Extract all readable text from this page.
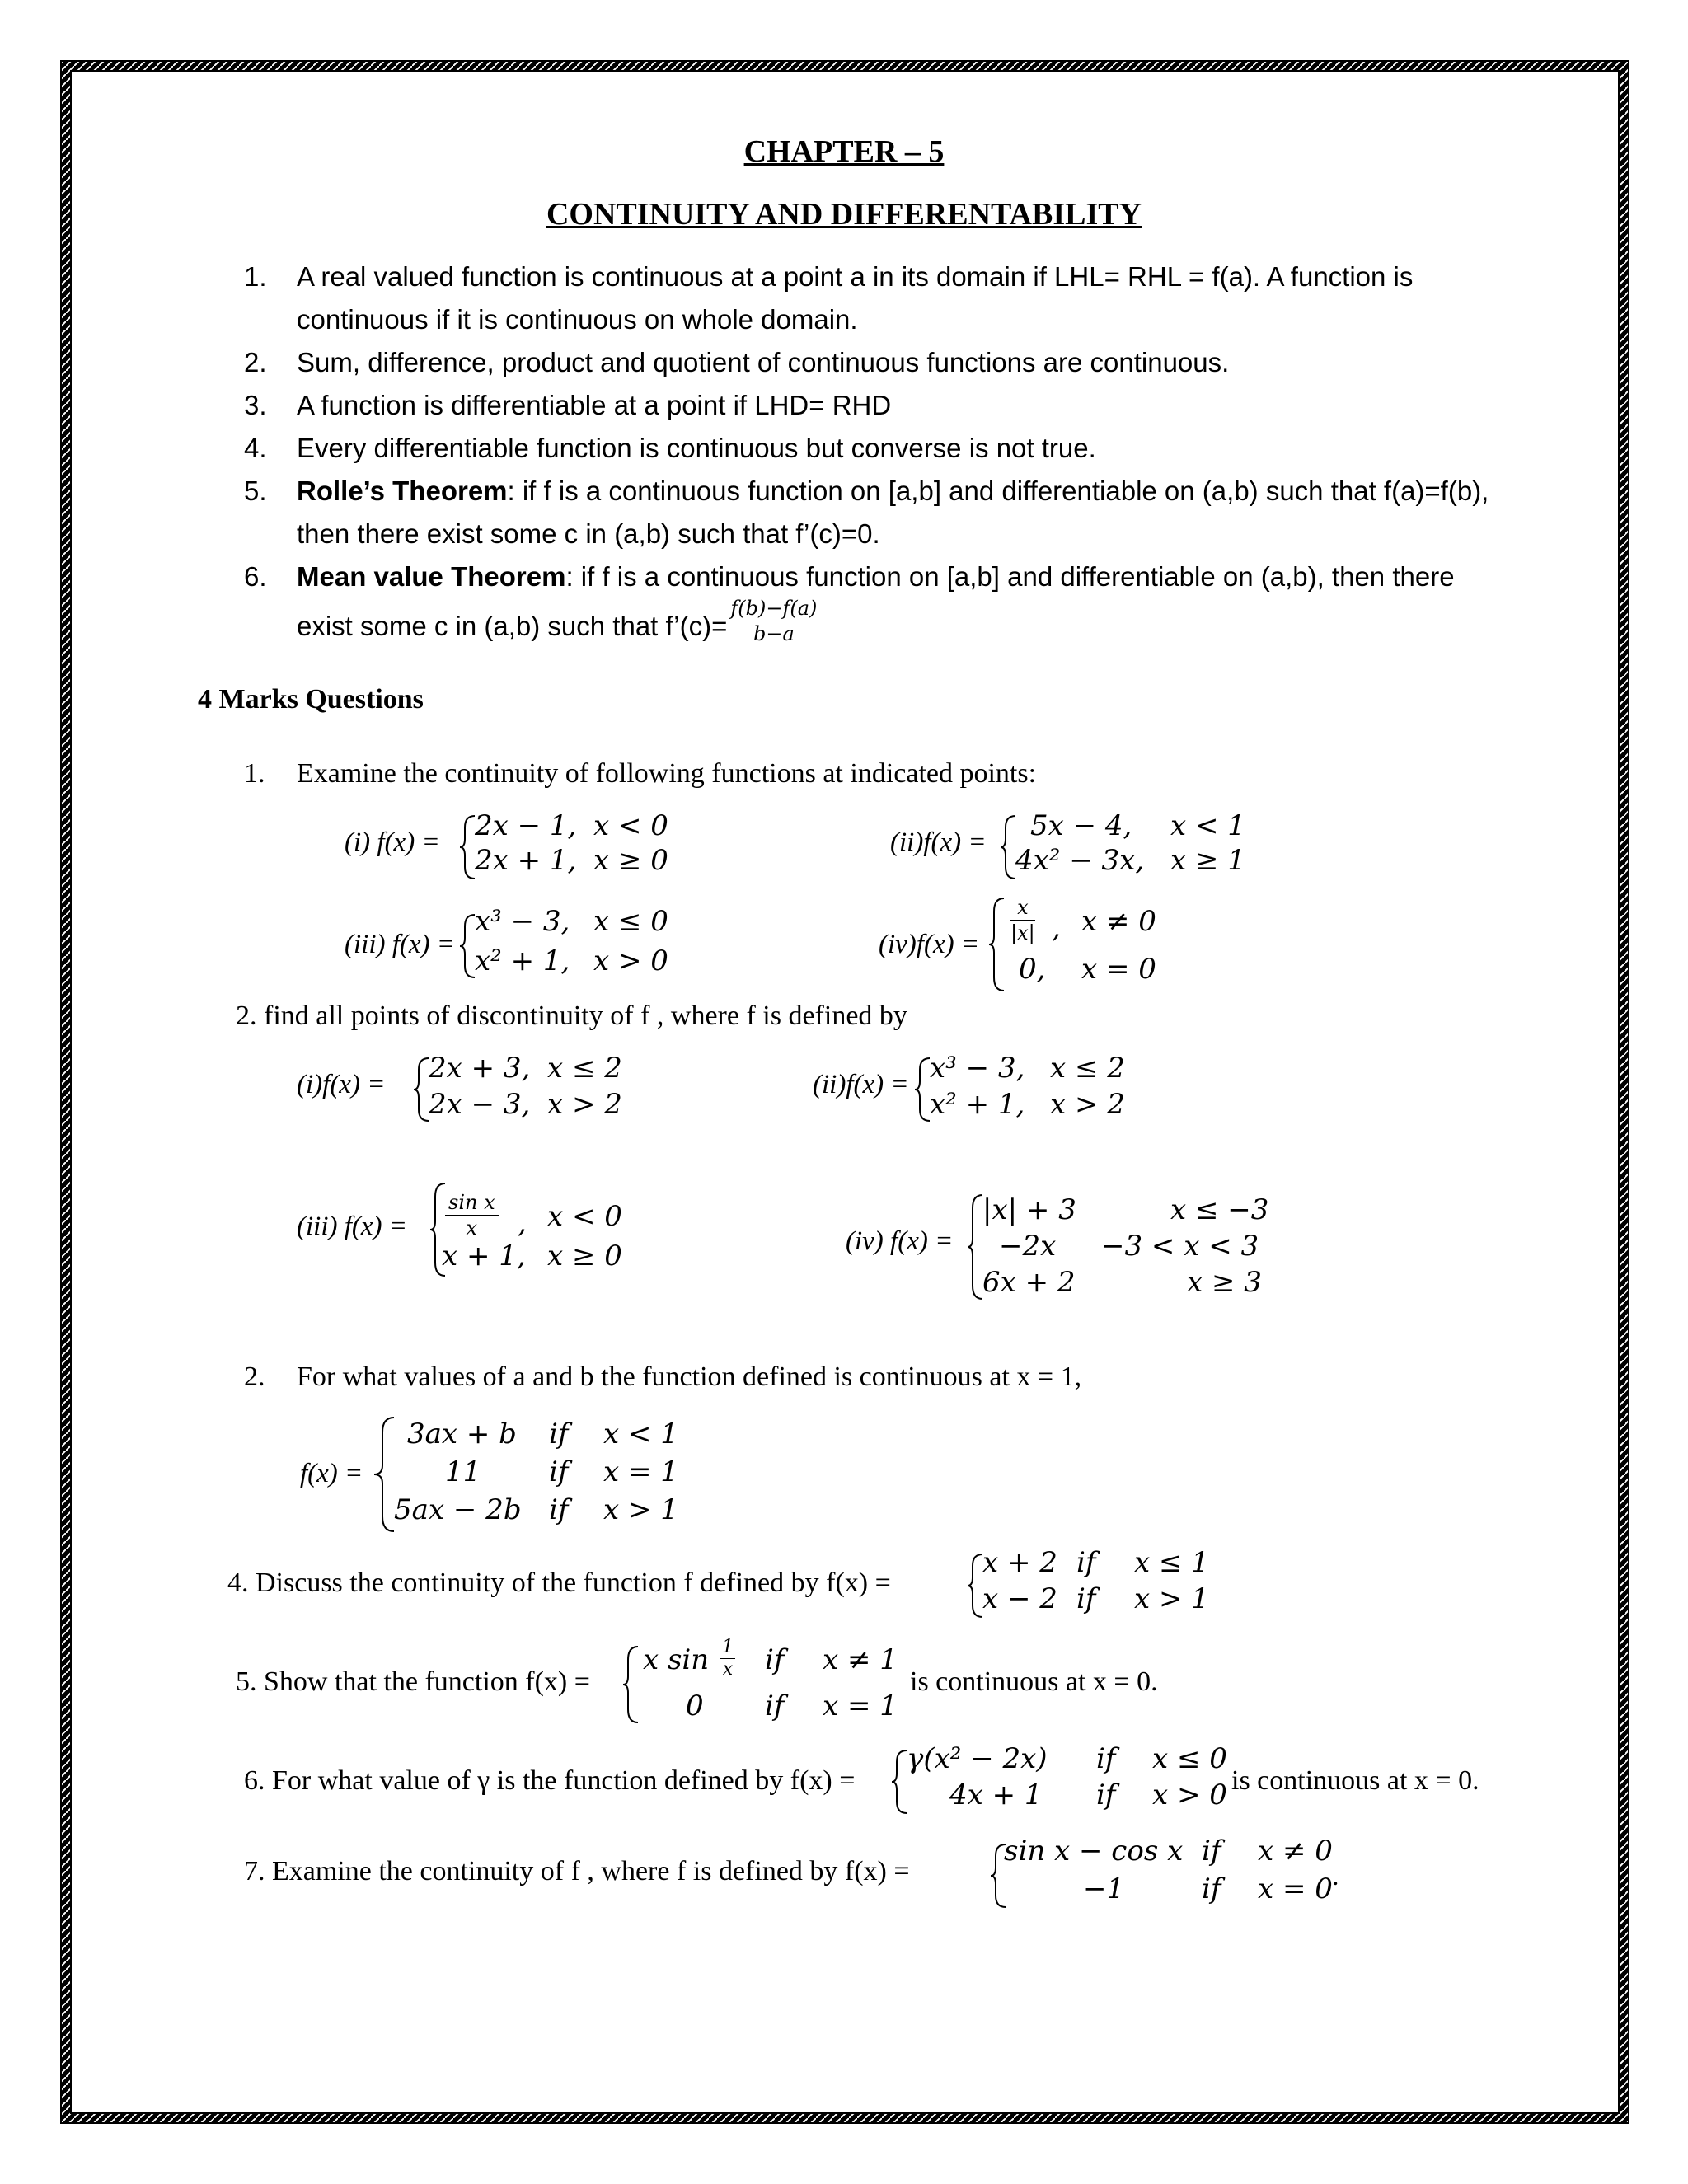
CHAPTER – 5
CONTINUITY AND DIFFERENTABILITY
1. A real valued function is continuous at a point a in its domain if LHL= RHL = f(a). A function is
continuous if it is continuous on whole domain.
2. Sum, difference, product and quotient of continuous functions are continuous.
3. A function is differentiable at a point if LHD= RHD
4. Every differentiable function is continuous but converse is not true.
5. Rolle’s Theorem: if f is a continuous function on [a,b] and differentiable on (a,b) such that f(a)=f(b),
then there exist some c in (a,b) such that f’(c)=0.
6. Mean value Theorem: if f is a continuous function on [a,b] and differentiable on (a,b), then there
exist some c in (a,b) such that f’(c)= $\frac{f(b)-f(a)}{b-a}$
4 Marks Questions
1. Examine the continuity of following functions at indicated points:
(i) f(x) = 2x − 1, x < 0
2x + 1, x ≥ 0
(ii)f(x) = 5x − 4, x < 1
4x² − 3x, x ≥ 1
(iii) f(x) =
x³ − 3, x ≤ 0
x² + 1, x > 0	$(iv)f(x) = \frac{x}{|x|}$ , x ≠ 0
0, x = 0
2. find all points of discontinuity of f , where f is defined by
(i)f(x) = 2x + 3, x ≤ 2
2x − 3, x > 2
(ii)f(x) = x³ − 3, x ≤ 2
x² + 1, x > 2
(iii) $f(x) = \frac{\text{sin x}}{x}$ , x < 0
x + 1, x ≥ 0	(iv) f(x) =
|x| + 3	x ≤ −3
−2x −3 < x < 3
6x + 2	x ≥ 3
2. For what values of a and b the function defined is continuous at x = 1,
f(x) =
3ax + b if x < 1
11 if x = 1
5ax − 2b if x > 1
4. Discuss the continuity of the function f defined by f(x) =
x + 2 if x ≤ 1
x − 2 if x > 1
5. Show that the function f(x) =
x $\sin \frac{1}{x}$ if x ≠ 1
0 if x = 1
is continuous at x = 0.
6. For what value of γ is the function defined by f(x) =
γ(x² − 2x) if x ≤ 0
4x + 1 if x > 0 is continuous at x = 0.
7. Examine the continuity of f , where f is defined by f(x) =
sin x − cos x if x ≠ 0
−1	if x = 0 .
